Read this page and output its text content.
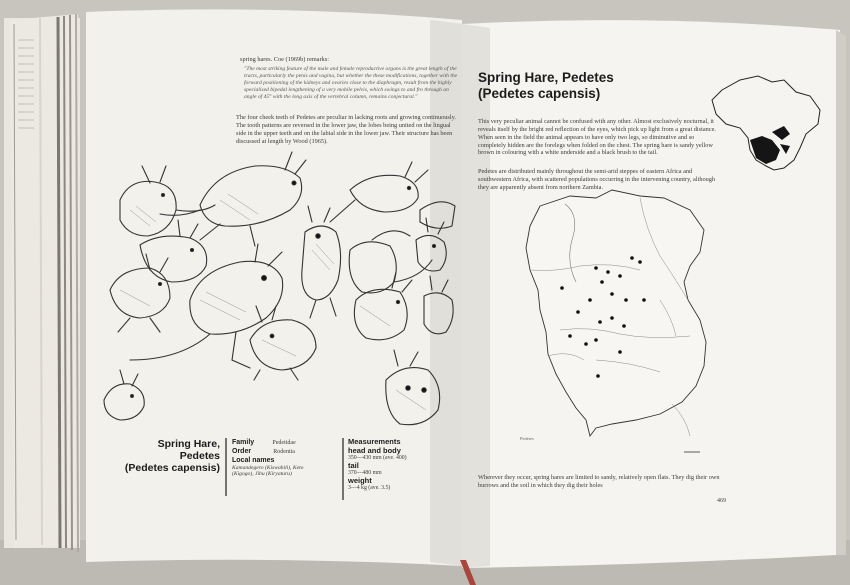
spring hares. Coe (1969b) remarks:
"The most striking feature of the male and female reproductive organs is the great length of the tracts, particularly the penis and vagina, but whether the these modifications, together with the forward positioning of the kidneys and ovaries close to the diaphragm, result from the highly specialised bipedal lengthening of a very mobile pelvis, which swings to and fro through an angle of 45° with the long axis of the vertebral column, remains conjectural."
The four cheek teeth of Pedetes are peculiar in lacking roots and growing continuously. The tooth patterns are reversed in the lower jaw, the lobes being united on the lingual side in the upper teeth and on the labial side in the lower jaw. Their structure has been discussed at length by Wood (1965).
Spring Hare,
Pedetes
(Pedetes capensis)
Family	Pedetidae
Order	Rodentia
Local names
Kamandegero (Kiswahili), Keto
(Kigogo), Jibu (Kiryaturu)
Measurements
head and body
350—430 mm (ave. 400)
tail
370—480 mm
weight
3—4 kg (ave. 3.5)
Spring Hare, Pedetes
(Pedetes capensis)
This very peculiar animal cannot be confused with any other. Almost exclusively nocturnal, it reveals itself by the bright red reflection of the eyes, which pick up light from a great distance. When seen in the field the animal appears to have only two legs, so diminutive and so completely hidden are the forelegs when folded on the chest. The spring hare is sandy yellow brown in colouring with a white underside and a black brush to the tail.
Pedetes are distributed mainly throughout the semi-arid steppes of eastern Africa and southwestern Africa, with scattered populations occurring in the intervening country, although they are apparently absent from northern Zambia.
Pedetes
Wherever they occur, spring hares are limited to sandy, relatively open flats. They dig their own burrows and the soil in which they dig their holes
469
